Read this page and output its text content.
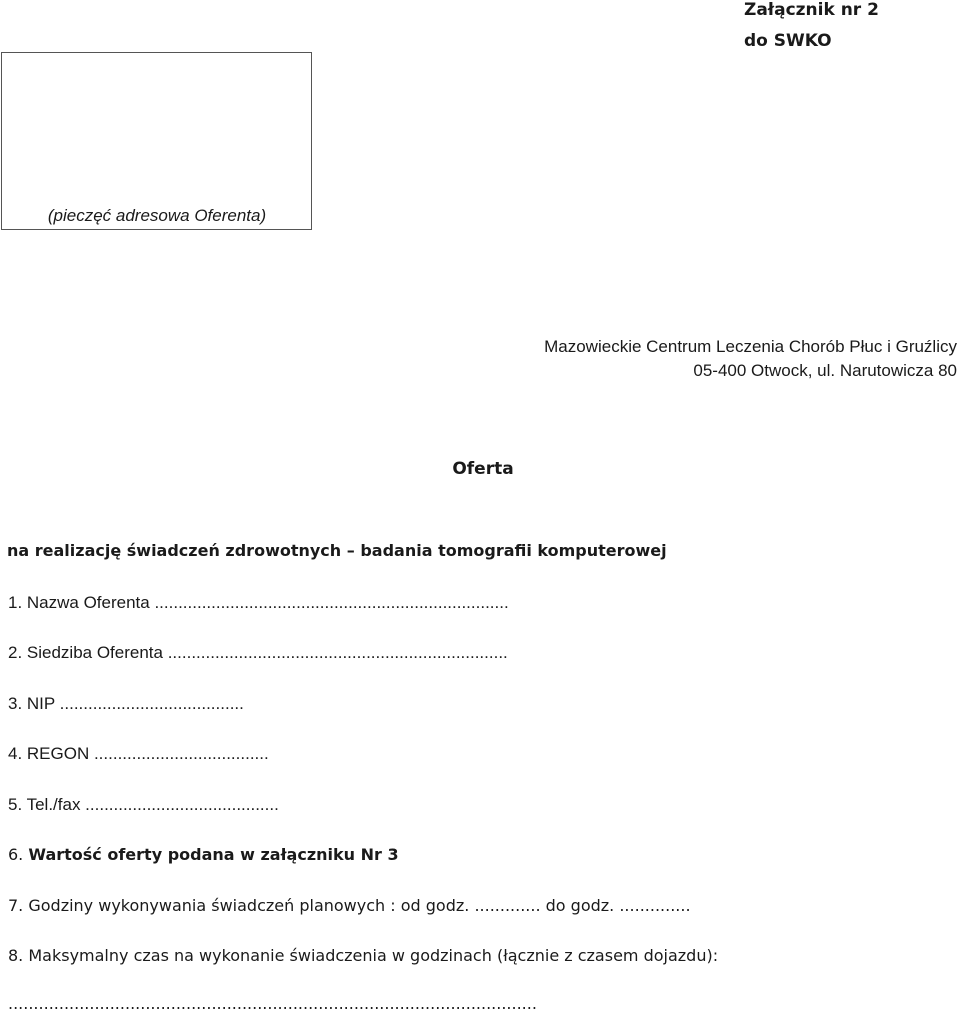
Załącznik nr 2
do SWKO
(pieczęć adresowa Oferenta)
Mazowieckie Centrum Leczenia Chorób Płuc i Gruźlicy
05-400 Otwock, ul. Narutowicza 80
Oferta
na realizację świadczeń zdrowotnych – badania tomografii komputerowej
1. Nazwa Oferenta ...........................................................................
2. Siedziba Oferenta ........................................................................
3. NIP .......................................
4. REGON .....................................
5. Tel./fax .........................................
6. Wartość oferty podana w załączniku Nr 3
7. Godziny wykonywania świadczeń planowych : od godz. ............. do godz. ..............
8. Maksymalny czas na wykonanie świadczenia w godzinach (łącznie z czasem dojazdu):
........................................................................................................
